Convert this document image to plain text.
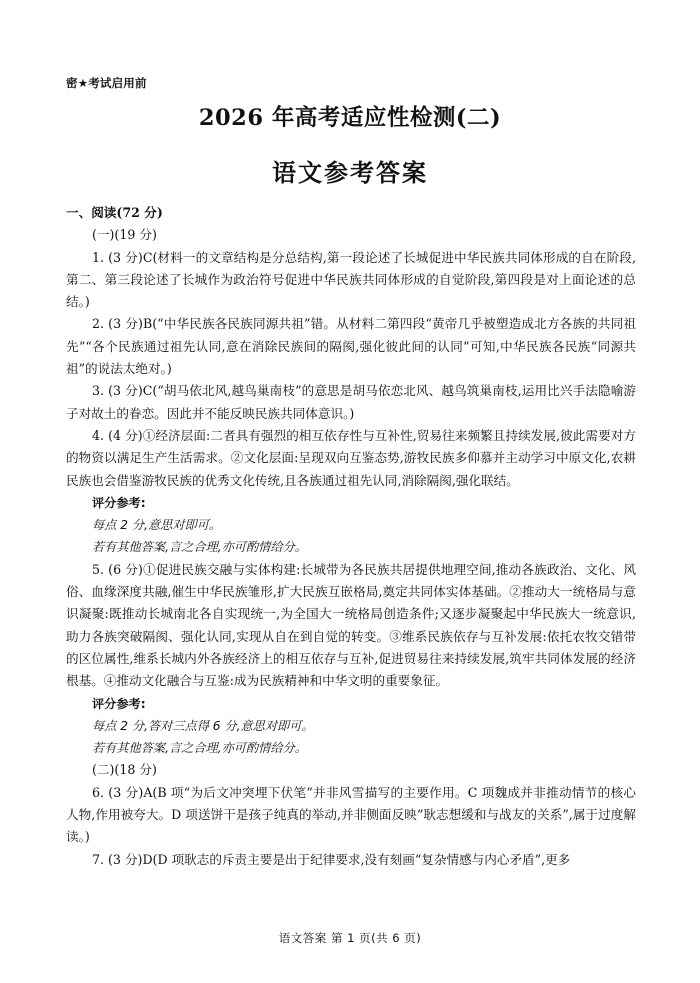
密★考试启用前
2026 年高考适应性检测(二)
语文参考答案

一、阅读(72 分)

(一)(19 分)

1. (3 分)C(材料一的文章结构是分总结构,第一段论述了长城促进中华民族共同体形成的自在阶段,第二、第三段论述了长城作为政治符号促进中华民族共同体形成的自觉阶段,第四段是对上面论述的总结。)

2. (3 分)B(“中华民族各民族同源共祖”错。从材料二第四段“黄帝几乎被塑造成北方各族的共同祖先”“各个民族通过祖先认同,意在消除民族间的隔阂,强化彼此间的认同”可知,中华民族各民族“同源共祖”的说法太绝对。)

3. (3 分)C(“胡马依北风,越鸟巢南枝”的意思是胡马依恋北风、越鸟筑巢南枝,运用比兴手法隐喻游子对故土的眷恋。因此并不能反映民族共同体意识。)

4. (4 分)①经济层面:二者具有强烈的相互依存性与互补性,贸易往来频繁且持续发展,彼此需要对方的物资以满足生产生活需求。②文化层面:呈现双向互鉴态势,游牧民族多仰慕并主动学习中原文化,农耕民族也会借鉴游牧民族的优秀文化传统,且各族通过祖先认同,消除隔阂,强化联结。

评分参考:

每点 2 分,意思对即可。

若有其他答案,言之合理,亦可酌情给分。

5. (6 分)①促进民族交融与实体构建:长城带为各民族共居提供地理空间,推动各族政治、文化、风俗、血缘深度共融,催生中华民族雏形,扩大民族互嵌格局,奠定共同体实体基础。②推动大一统格局与意识凝聚:既推动长城南北各自实现统一,为全国大一统格局创造条件;又逐步凝聚起中华民族大一统意识,助力各族突破隔阂、强化认同,实现从自在到自觉的转变。③维系民族依存与互补发展:依托农牧交错带的区位属性,维系长城内外各族经济上的相互依存与互补,促进贸易往来持续发展,筑牢共同体发展的经济根基。④推动文化融合与互鉴:成为民族精神和中华文明的重要象征。

评分参考:

每点 2 分,答对三点得 6 分,意思对即可。

若有其他答案,言之合理,亦可酌情给分。

(二)(18 分)

6. (3 分)A(B 项“为后文冲突埋下伏笔”并非风雪描写的主要作用。C 项魏成并非推动情节的核心人物,作用被夸大。D 项送饼干是孩子纯真的举动,并非侧面反映“耿志想缓和与战友的关系”,属于过度解读。)

7. (3 分)D(D 项耿志的斥责主要是出于纪律要求,没有刻画“复杂情感与内心矛盾”,更多

语文答案 第 1 页(共 6 页)
